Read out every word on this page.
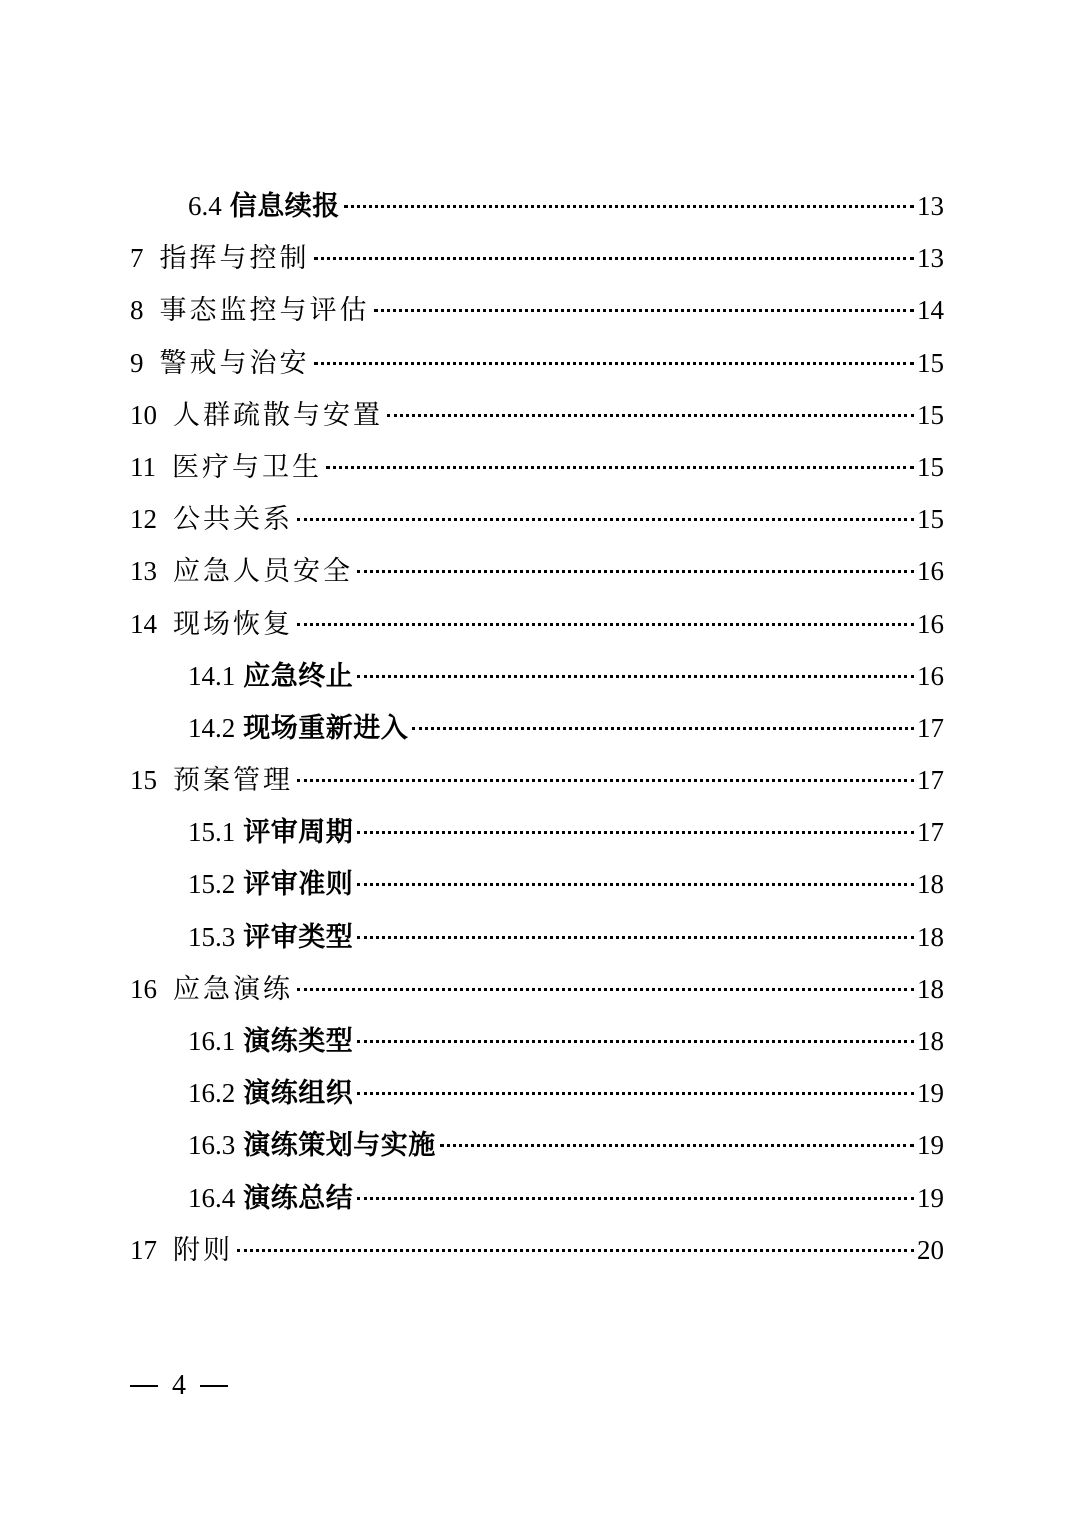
6.4 信息续报	13
7 指挥与控制	13
8 事态监控与评估	14
9 警戒与治安	15
10 人群疏散与安置	15
11 医疗与卫生	15
12 公共关系	15
13 应急人员安全	16
14 现场恢复	16
14.1 应急终止	16
14.2 现场重新进入	17
15 预案管理	17
15.1 评审周期	17
15.2 评审准则	18
15.3 评审类型	18
16 应急演练	18
16.1 演练类型	18
16.2 演练组织	19
16.3 演练策划与实施	19
16.4 演练总结	19
17 附则	20
4
